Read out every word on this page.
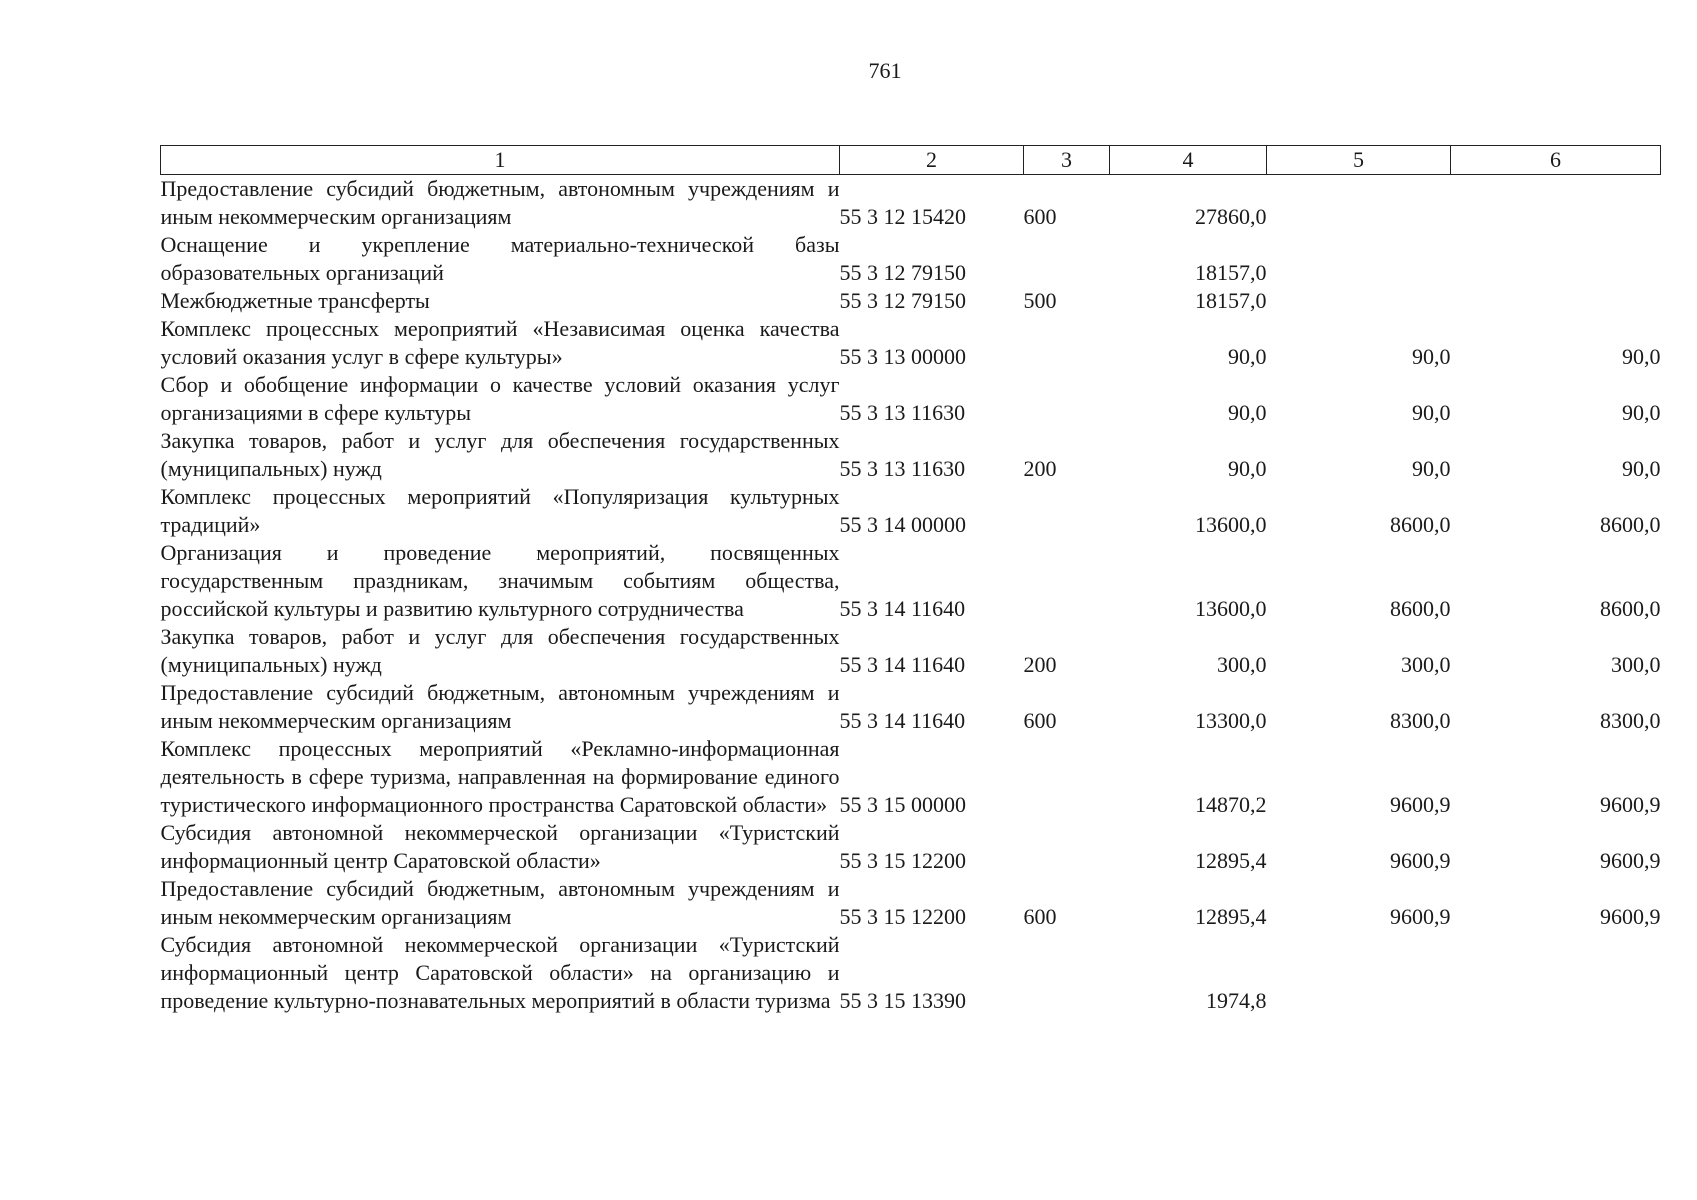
761
1	2	3	4	5	6
Предоставление субсидий бюджетным, автономным учреждениям и иным некоммерческим организациям	55 3 12 15420	600	27860,0		
Оснащение и укрепление материально-технической базы образовательных организаций	55 3 12 79150		18157,0		
Межбюджетные трансферты	55 3 12 79150	500	18157,0		
Комплекс процессных мероприятий «Независимая оценка качества условий оказания услуг в сфере культуры»	55 3 13 00000		90,0	90,0	90,0
Сбор и обобщение информации о качестве условий оказания услуг организациями в сфере культуры	55 3 13 11630		90,0	90,0	90,0
Закупка товаров, работ и услуг для обеспечения государственных (муниципальных) нужд	55 3 13 11630	200	90,0	90,0	90,0
Комплекс процессных мероприятий «Популяризация культурных традиций»	55 3 14 00000		13600,0	8600,0	8600,0
Организация и проведение мероприятий, посвященных государственным праздникам, значимым событиям общества, российской культуры и развитию культурного сотрудничества	55 3 14 11640		13600,0	8600,0	8600,0
Закупка товаров, работ и услуг для обеспечения государственных (муниципальных) нужд	55 3 14 11640	200	300,0	300,0	300,0
Предоставление субсидий бюджетным, автономным учреждениям и иным некоммерческим организациям	55 3 14 11640	600	13300,0	8300,0	8300,0
Комплекс процессных мероприятий «Рекламно-информационная деятельность в сфере туризма, направленная на формирование единого туристического информационного пространства Саратовской области»	55 3 15 00000		14870,2	9600,9	9600,9
Субсидия автономной некоммерческой организации «Туристский информационный центр Саратовской области»	55 3 15 12200		12895,4	9600,9	9600,9
Предоставление субсидий бюджетным, автономным учреждениям и иным некоммерческим организациям	55 3 15 12200	600	12895,4	9600,9	9600,9
Субсидия автономной некоммерческой организации «Туристский информационный центр Саратовской области» на организацию и проведение культурно-познавательных мероприятий в области туризма	55 3 15 13390		1974,8		
